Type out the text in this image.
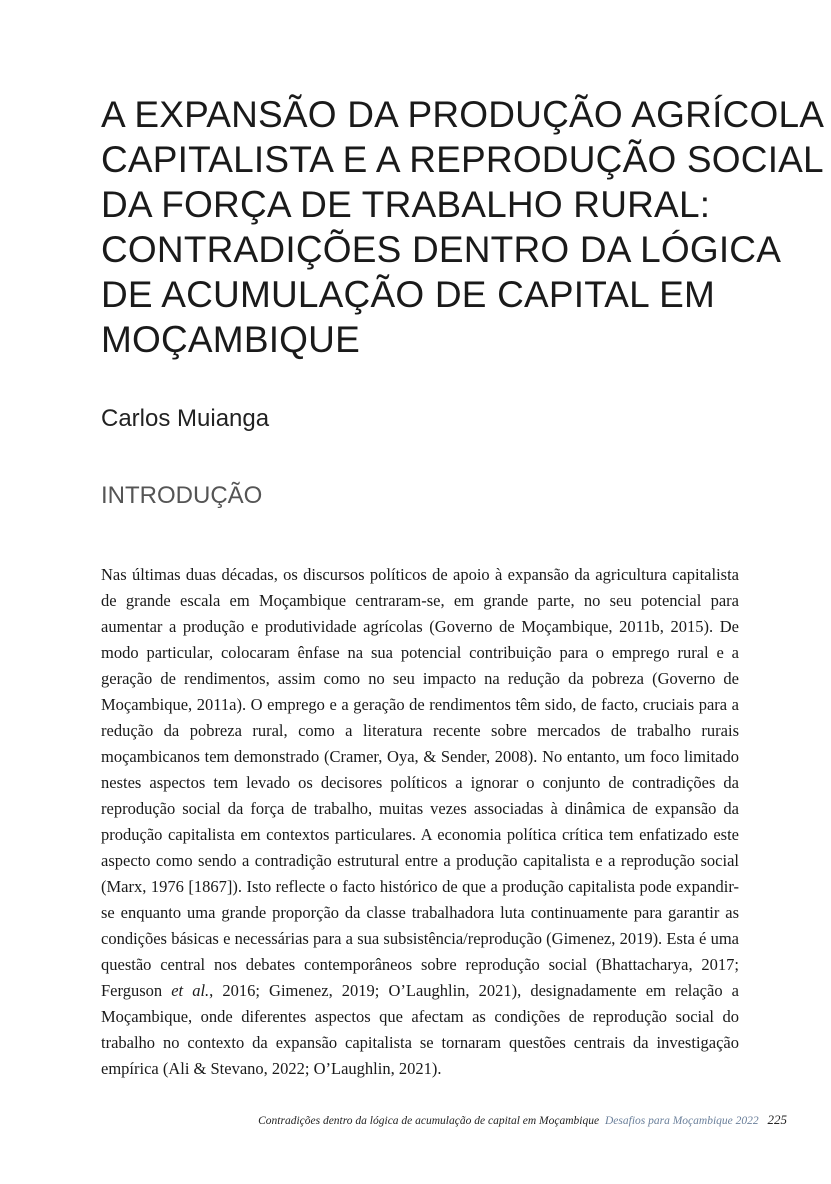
A EXPANSÃO DA PRODUÇÃO AGRÍCOLA
CAPITALISTA E A REPRODUÇÃO SOCIAL
DA FORÇA DE TRABALHO RURAL:
CONTRADIÇÕES DENTRO DA LÓGICA
DE ACUMULAÇÃO DE CAPITAL EM
MOÇAMBIQUE

Carlos Muianga

INTRODUÇÃO

Nas últimas duas décadas, os discursos políticos de apoio à expansão da agricultura capitalista de grande escala em Moçambique centraram-se, em grande parte, no seu potencial para aumentar a produção e produtividade agrícolas (Governo de Moçambique, 2011b, 2015). De modo particular, colocaram ênfase na sua potencial contribuição para o emprego rural e a geração de rendimentos, assim como no seu impacto na redução da pobreza (Governo de Moçambique, 2011a). O emprego e a geração de rendimentos têm sido, de facto, cruciais para a redução da pobreza rural, como a literatura recente sobre mercados de trabalho rurais moçambicanos tem demonstrado (Cramer, Oya, & Sender, 2008). No entanto, um foco limitado nestes aspectos tem levado os decisores políticos a ignorar o conjunto de contradições da reprodução social da força de trabalho, muitas vezes associadas à dinâmica de expansão da produção capitalista em contextos particulares. A economia política crítica tem enfatizado este aspecto como sendo a contradição estrutural entre a produção capitalista e a reprodução social (Marx, 1976 [1867]). Isto reflecte o facto histórico de que a produção capitalista pode expandir-se enquanto uma grande proporção da classe trabalhadora luta continuamente para garantir as condições básicas e necessárias para a sua subsistência/reprodução (Gimenez, 2019). Esta é uma questão central nos debates contemporâneos sobre reprodução social (Bhattacharya, 2017; Ferguson et al., 2016; Gimenez, 2019; O’Laughlin, 2021), designadamente em relação a Moçambique, onde diferentes aspectos que afectam as condições de reprodução social do trabalho no contexto da expansão capitalista se tornaram questões centrais da investigação empírica (Ali & Stevano, 2022; O’Laughlin, 2021).

Contradições dentro da lógica de acumulação de capital em Moçambique Desafios para Moçambique 2022 225
